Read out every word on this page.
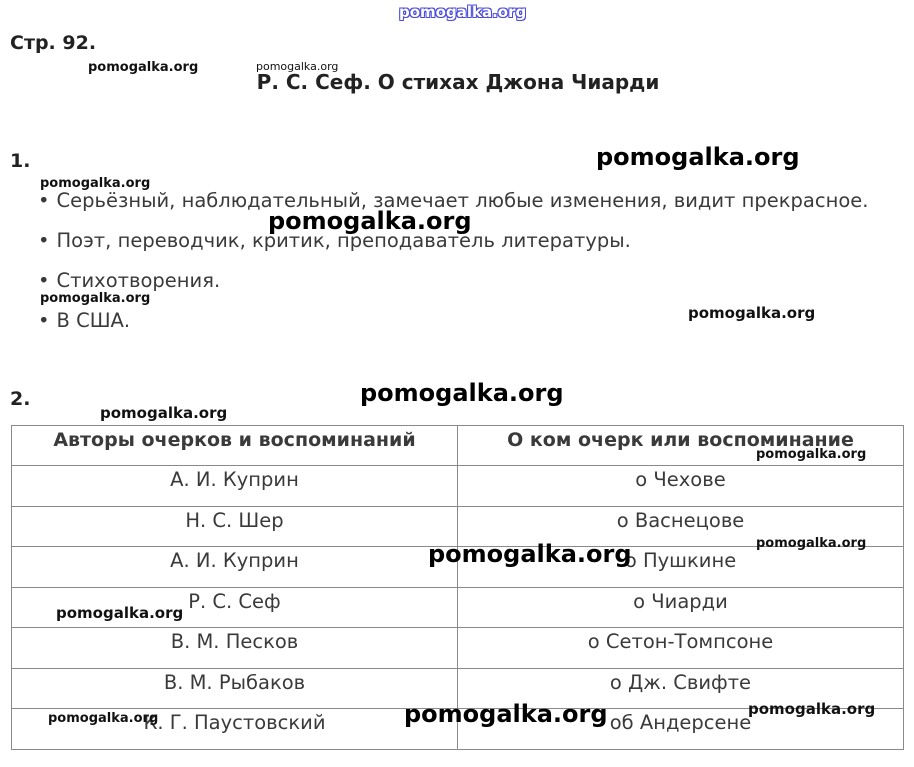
Стр. 92.
Р. С. Сеф. О стихах Джона Чиарди
1.
• Серьёзный, наблюдательный, замечает любые изменения, видит прекрасное.
• Поэт, переводчик, критик, преподаватель литературы.
• Стихотворения.
• В США.
2.
Авторы очерков и воспоминаний	О ком очерк или воспоминание
А. И. Куприн	о Чехове
Н. С. Шер	о Васнецове
А. И. Куприн	о Пушкине
Р. С. Сеф	о Чиарди
В. М. Песков	о Сетон-Томпсоне
В. М. Рыбаков	о Дж. Свифте
К. Г. Паустовский	об Андерсене
pomogalka.org
pomogalka.org	pomogalka.org
pomogalka.org
pomogalka.org
pomogalka.org
pomogalka.org
pomogalka.org
pomogalka.org
pomogalka.org
pomogalka.org
pomogalka.org
pomogalka.org
pomogalka.org
pomogalka.org	pomogalka.org
pomogalka.org
